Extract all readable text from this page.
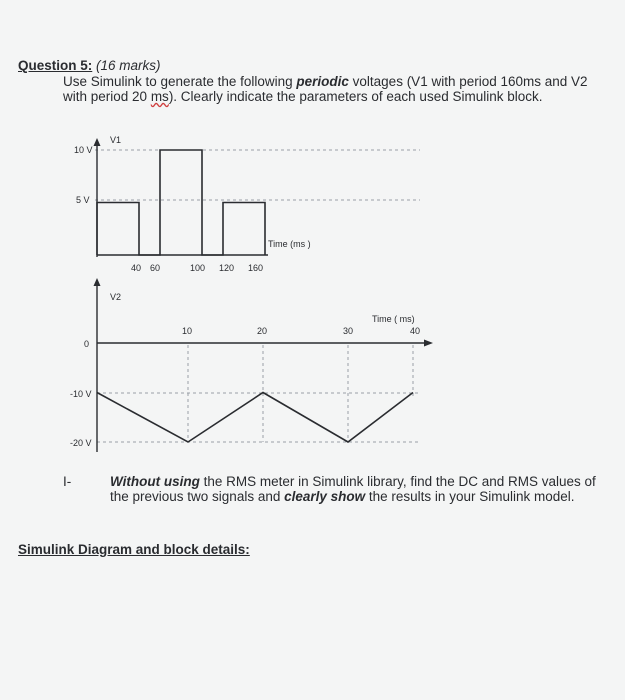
Question 5: (16 marks)
Use Simulink to generate the following periodic voltages (V1 with period 160ms and V2 with period 20 ms). Clearly indicate the parameters of each used Simulink block.
V1
10 V
5 V
Time (ms )
40 60	100 120 160
V2
0
-10 V
-20 V
Time ( ms)
10	20	30	40
I-	Without using the RMS meter in Simulink library, find the DC and RMS values of the previous two signals and clearly show the results in your Simulink model.
Simulink Diagram and block details:
